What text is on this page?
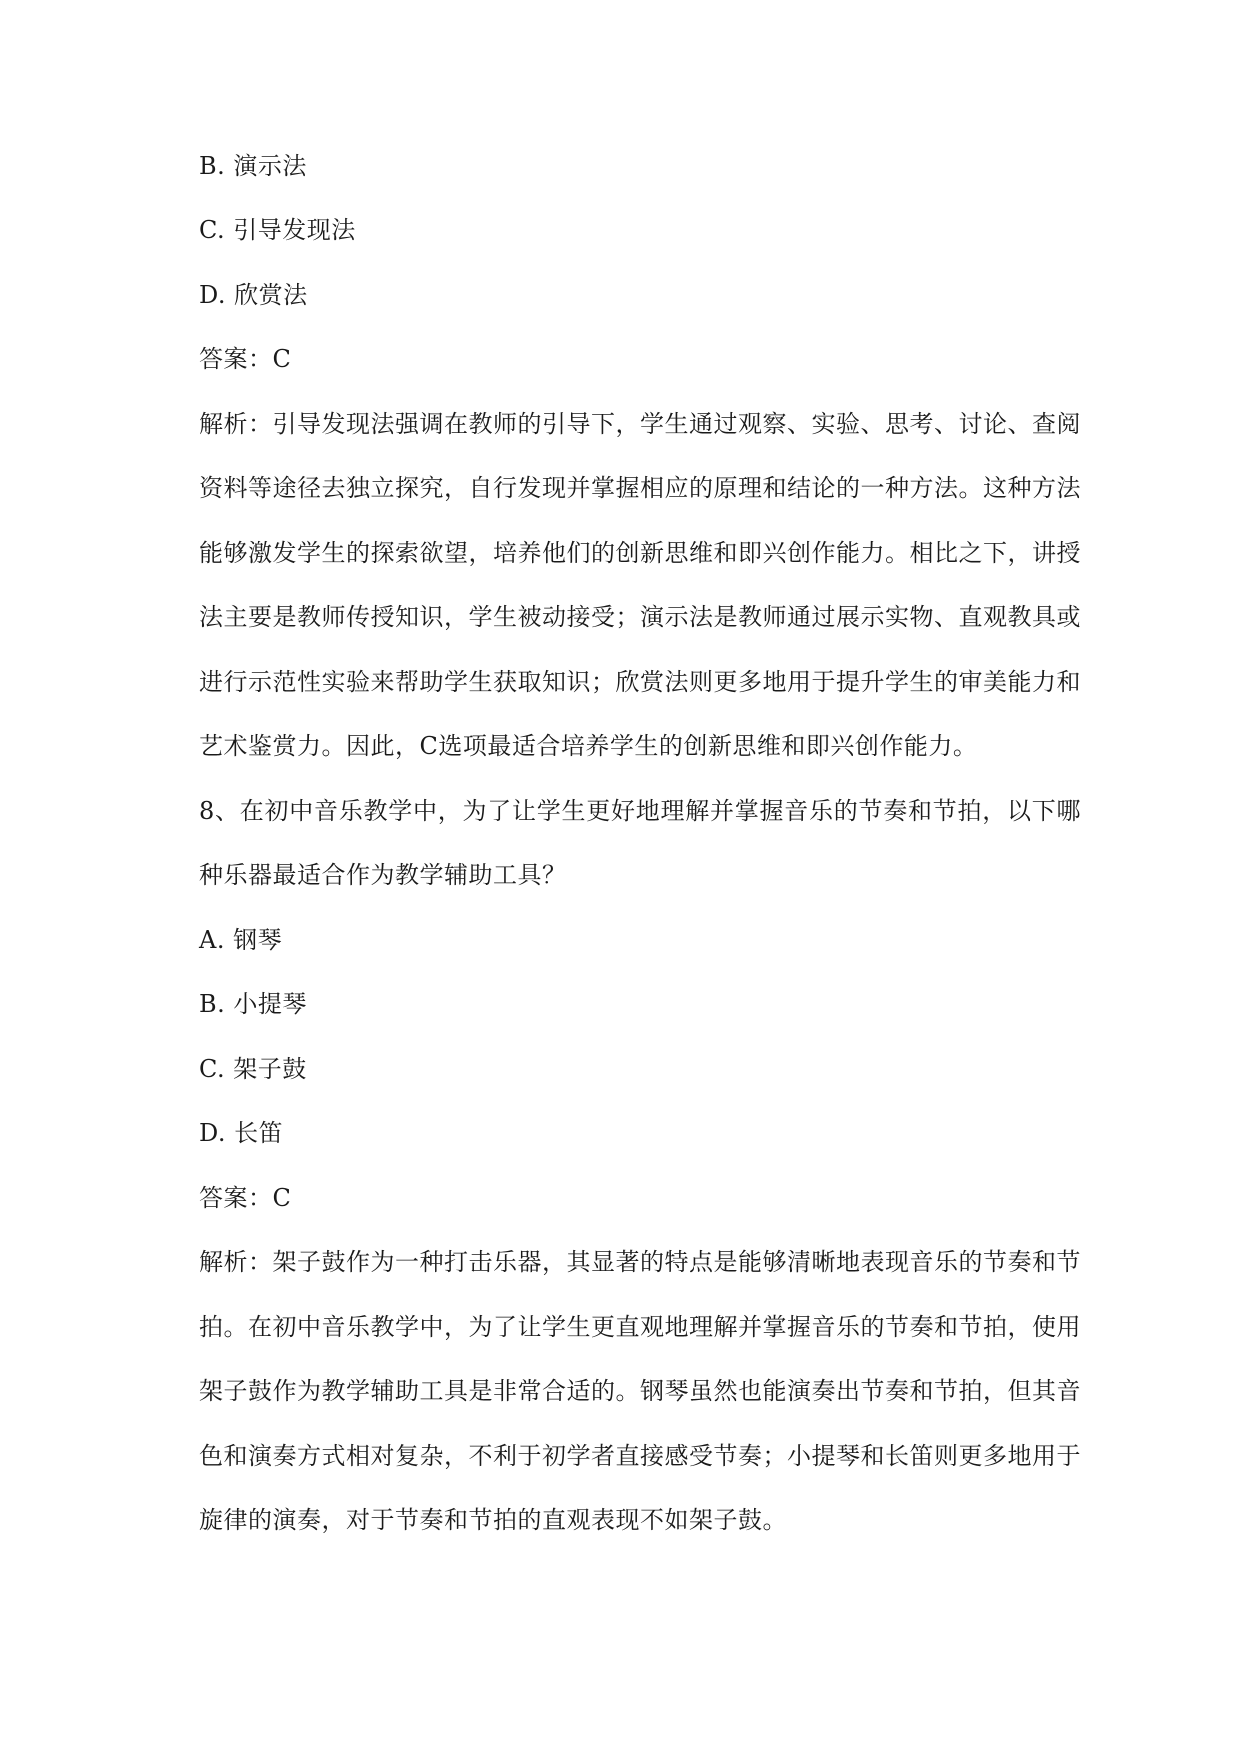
B. 演示法
C. 引导发现法
D. 欣赏法
答案：C
解析：引导发现法强调在教师的引导下，学生通过观察、实验、思考、讨论、查阅
资料等途径去独立探究，自行发现并掌握相应的原理和结论的一种方法。这种方法
能够激发学生的探索欲望，培养他们的创新思维和即兴创作能力。相比之下，讲授
法主要是教师传授知识，学生被动接受；演示法是教师通过展示实物、直观教具或
进行示范性实验来帮助学生获取知识；欣赏法则更多地用于提升学生的审美能力和
艺术鉴赏力。因此，C选项最适合培养学生的创新思维和即兴创作能力。
8、在初中音乐教学中，为了让学生更好地理解并掌握音乐的节奏和节拍，以下哪
种乐器最适合作为教学辅助工具？
A. 钢琴
B. 小提琴
C. 架子鼓
D. 长笛
答案：C
解析：架子鼓作为一种打击乐器，其显著的特点是能够清晰地表现音乐的节奏和节
拍。在初中音乐教学中，为了让学生更直观地理解并掌握音乐的节奏和节拍，使用
架子鼓作为教学辅助工具是非常合适的。钢琴虽然也能演奏出节奏和节拍，但其音
色和演奏方式相对复杂，不利于初学者直接感受节奏；小提琴和长笛则更多地用于
旋律的演奏，对于节奏和节拍的直观表现不如架子鼓。
